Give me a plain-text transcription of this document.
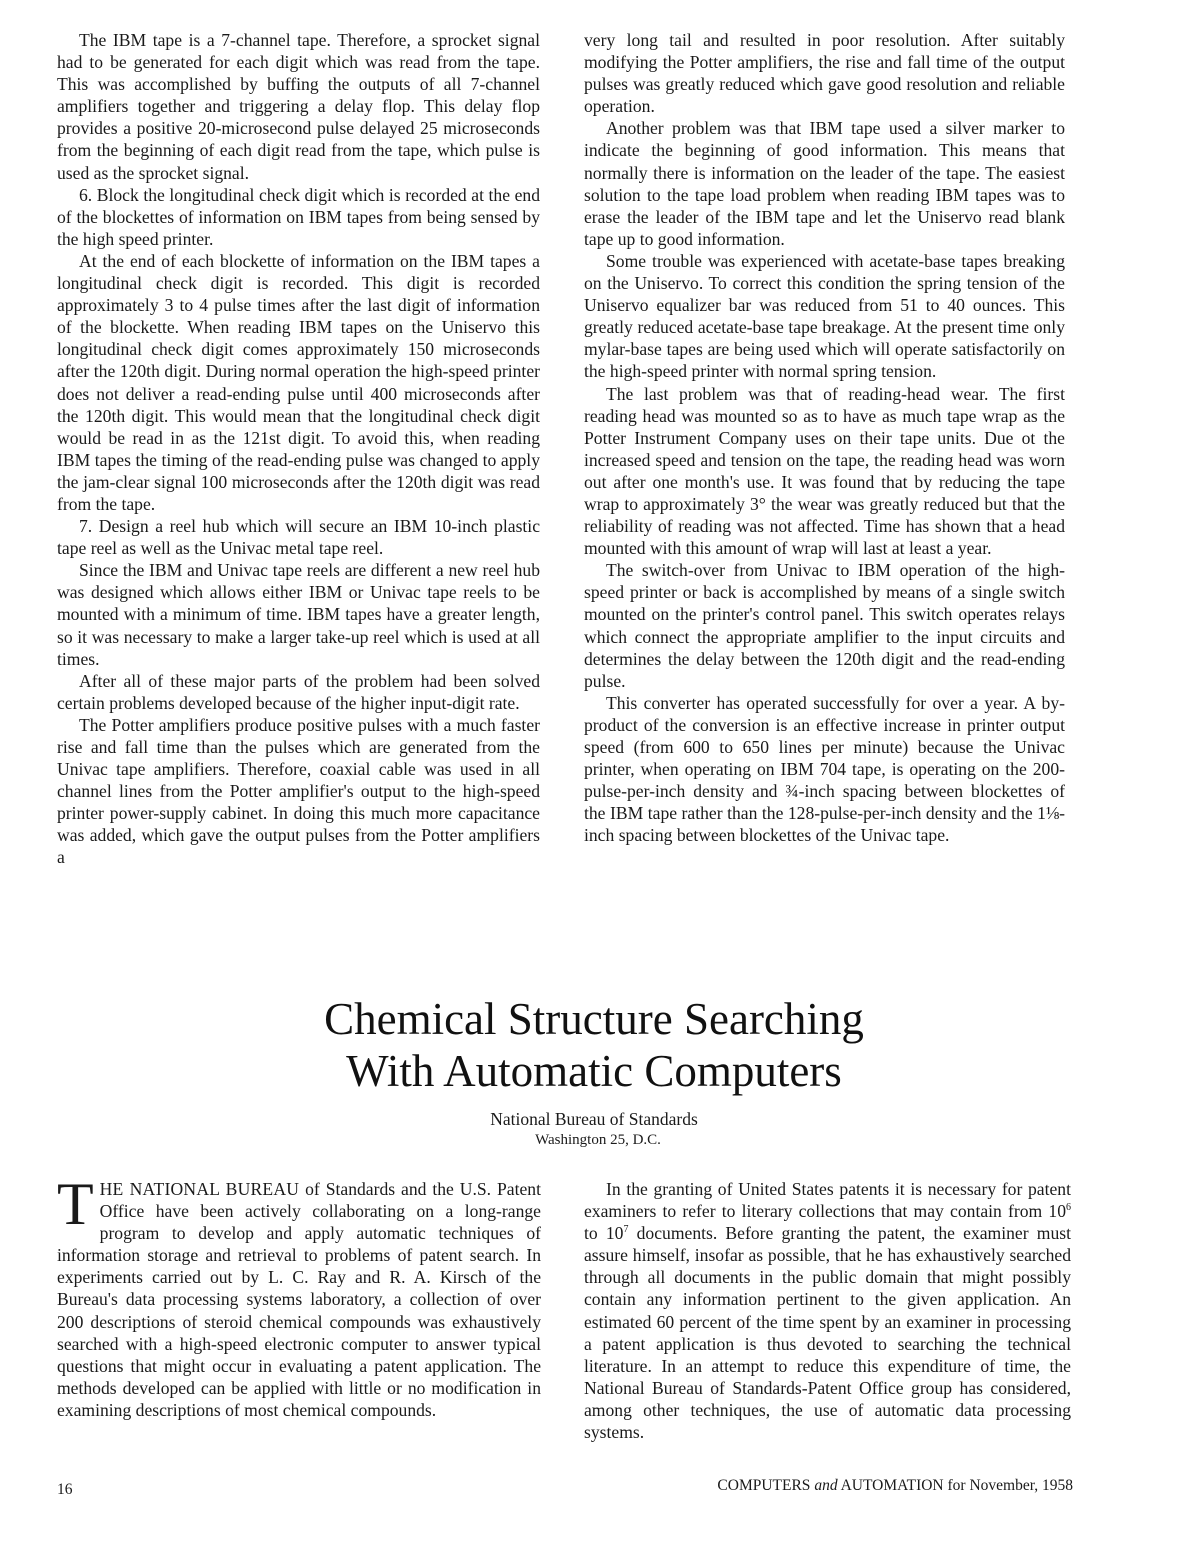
The IBM tape is a 7-channel tape. Therefore, a sprocket signal had to be generated for each digit which was read from the tape. This was accomplished by buffing the outputs of all 7-channel amplifiers together and triggering a delay flop. This delay flop provides a positive 20-microsecond pulse delayed 25 microseconds from the beginning of each digit read from the tape, which pulse is used as the sprocket signal.

6. Block the longitudinal check digit which is recorded at the end of the blockettes of information on IBM tapes from being sensed by the high speed printer.

At the end of each blockette of information on the IBM tapes a longitudinal check digit is recorded. This digit is recorded approximately 3 to 4 pulse times after the last digit of information of the blockette. When reading IBM tapes on the Uniservo this longitudinal check digit comes approximately 150 microseconds after the 120th digit. During normal operation the high-speed printer does not deliver a read-ending pulse until 400 microseconds after the 120th digit. This would mean that the longitudinal check digit would be read in as the 121st digit. To avoid this, when reading IBM tapes the timing of the read-ending pulse was changed to apply the jam-clear signal 100 microseconds after the 120th digit was read from the tape.

7. Design a reel hub which will secure an IBM 10-inch plastic tape reel as well as the Univac metal tape reel.

Since the IBM and Univac tape reels are different a new reel hub was designed which allows either IBM or Univac tape reels to be mounted with a minimum of time. IBM tapes have a greater length, so it was necessary to make a larger take-up reel which is used at all times.

After all of these major parts of the problem had been solved certain problems developed because of the higher input-digit rate.

The Potter amplifiers produce positive pulses with a much faster rise and fall time than the pulses which are generated from the Univac tape amplifiers. Therefore, coaxial cable was used in all channel lines from the Potter amplifier's output to the high-speed printer power-supply cabinet. In doing this much more capacitance was added, which gave the output pulses from the Potter amplifiers a

very long tail and resulted in poor resolution. After suitably modifying the Potter amplifiers, the rise and fall time of the output pulses was greatly reduced which gave good resolution and reliable operation.

Another problem was that IBM tape used a silver marker to indicate the beginning of good information. This means that normally there is information on the leader of the tape. The easiest solution to the tape load problem when reading IBM tapes was to erase the leader of the IBM tape and let the Uniservo read blank tape up to good information.

Some trouble was experienced with acetate-base tapes breaking on the Uniservo. To correct this condition the spring tension of the Uniservo equalizer bar was reduced from 51 to 40 ounces. This greatly reduced acetate-base tape breakage. At the present time only mylar-base tapes are being used which will operate satisfactorily on the high-speed printer with normal spring tension.

The last problem was that of reading-head wear. The first reading head was mounted so as to have as much tape wrap as the Potter Instrument Company uses on their tape units. Due ot the increased speed and tension on the tape, the reading head was worn out after one month's use. It was found that by reducing the tape wrap to approximately 3° the wear was greatly reduced but that the reliability of reading was not affected. Time has shown that a head mounted with this amount of wrap will last at least a year.

The switch-over from Univac to IBM operation of the high-speed printer or back is accomplished by means of a single switch mounted on the printer's control panel. This switch operates relays which connect the appropriate amplifier to the input circuits and determines the delay between the 120th digit and the read-ending pulse.

This converter has operated successfully for over a year. A by-product of the conversion is an effective increase in printer output speed (from 600 to 650 lines per minute) because the Univac printer, when operating on IBM 704 tape, is operating on the 200-pulse-per-inch density and ¾-inch spacing between blockettes of the IBM tape rather than the 128-pulse-per-inch density and the 1⅛-inch spacing between blockettes of the Univac tape.

Chemical Structure Searching
With Automatic Computers
National Bureau of Standards
Washington 25, D.C.

THE NATIONAL BUREAU of Standards and the U.S. Patent Office have been actively collaborating on a long-range program to develop and apply automatic techniques of information storage and retrieval to problems of patent search. In experiments carried out by L. C. Ray and R. A. Kirsch of the Bureau's data processing systems laboratory, a collection of over 200 descriptions of steroid chemical compounds was exhaustively searched with a high-speed electronic computer to answer typical questions that might occur in evaluating a patent application. The methods developed can be applied with little or no modification in examining descriptions of most chemical compounds.

In the granting of United States patents it is necessary for patent examiners to refer to literary collections that may contain from $10^6$ to $10^7$ documents. Before granting the patent, the examiner must assure himself, insofar as possible, that he has exhaustively searched through all documents in the public domain that might possibly contain any information pertinent to the given application. An estimated 60 percent of the time spent by an examiner in processing a patent application is thus devoted to searching the technical literature. In an attempt to reduce this expenditure of time, the National Bureau of Standards-Patent Office group has considered, among other techniques, the use of automatic data processing systems.

16	COMPUTERS and AUTOMATION for November, 1958
